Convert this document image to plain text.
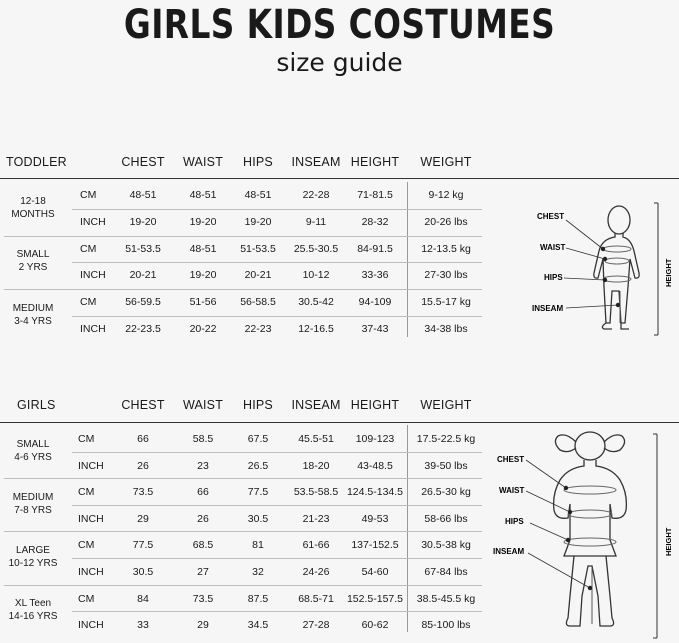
GIRLS KIDS COSTUMES
size guide
TODDLER	CHEST	WAIST	HIPS	INSEAM HEIGHT	WEIGHT
12-18
MONTHS
CM	48-51	48-51	48-51	22-28	71-81.5	9-12 kg
INCH	19-20	19-20	19-20	9-11	28-32	20-26 lbs
SMALL
2 YRS
CM	51-53.5	48-51	51-53.5	25.5-30.5	84-91.5	12-13.5 kg
INCH	20-21	19-20	20-21	10-12	33-36	27-30 lbs
MEDIUM
3-4 YRS
CM	56-59.5	51-56	56-58.5	30.5-42	94-109	15.5-17 kg
INCH	22-23.5	20-22	22-23	12-16.5	37-43	34-38 lbs
GIRLS	CHEST	WAIST	HIPS	INSEAM HEIGHT	WEIGHT
SMALL
4-6 YRS
CM	66	58.5	67.5	45.5-51	109-123	17.5-22.5 kg
INCH	26	23	26.5	18-20	43-48.5	39-50 lbs
MEDIUM
7-8 YRS
CM	73.5	66	77.5	53.5-58.5 124.5-134.5	26.5-30 kg
INCH	29	26	30.5	21-23	49-53	58-66 lbs
LARGE
10-12 YRS
CM	77.5	68.5	81	61-66	137-152.5	30.5-38 kg
INCH	30.5	27	32	24-26	54-60	67-84 lbs
XL Teen
14-16 YRS
CM	84	73.5	87.5	68.5-71	152.5-157.5	38.5-45.5 kg
INCH	33	29	34.5	27-28	60-62	85-100 lbs
CHEST
WAIST
HIPS
INSEAM
HEIGHT
CHEST
WAIST
HIPS
INSEAM	HEIGHT
